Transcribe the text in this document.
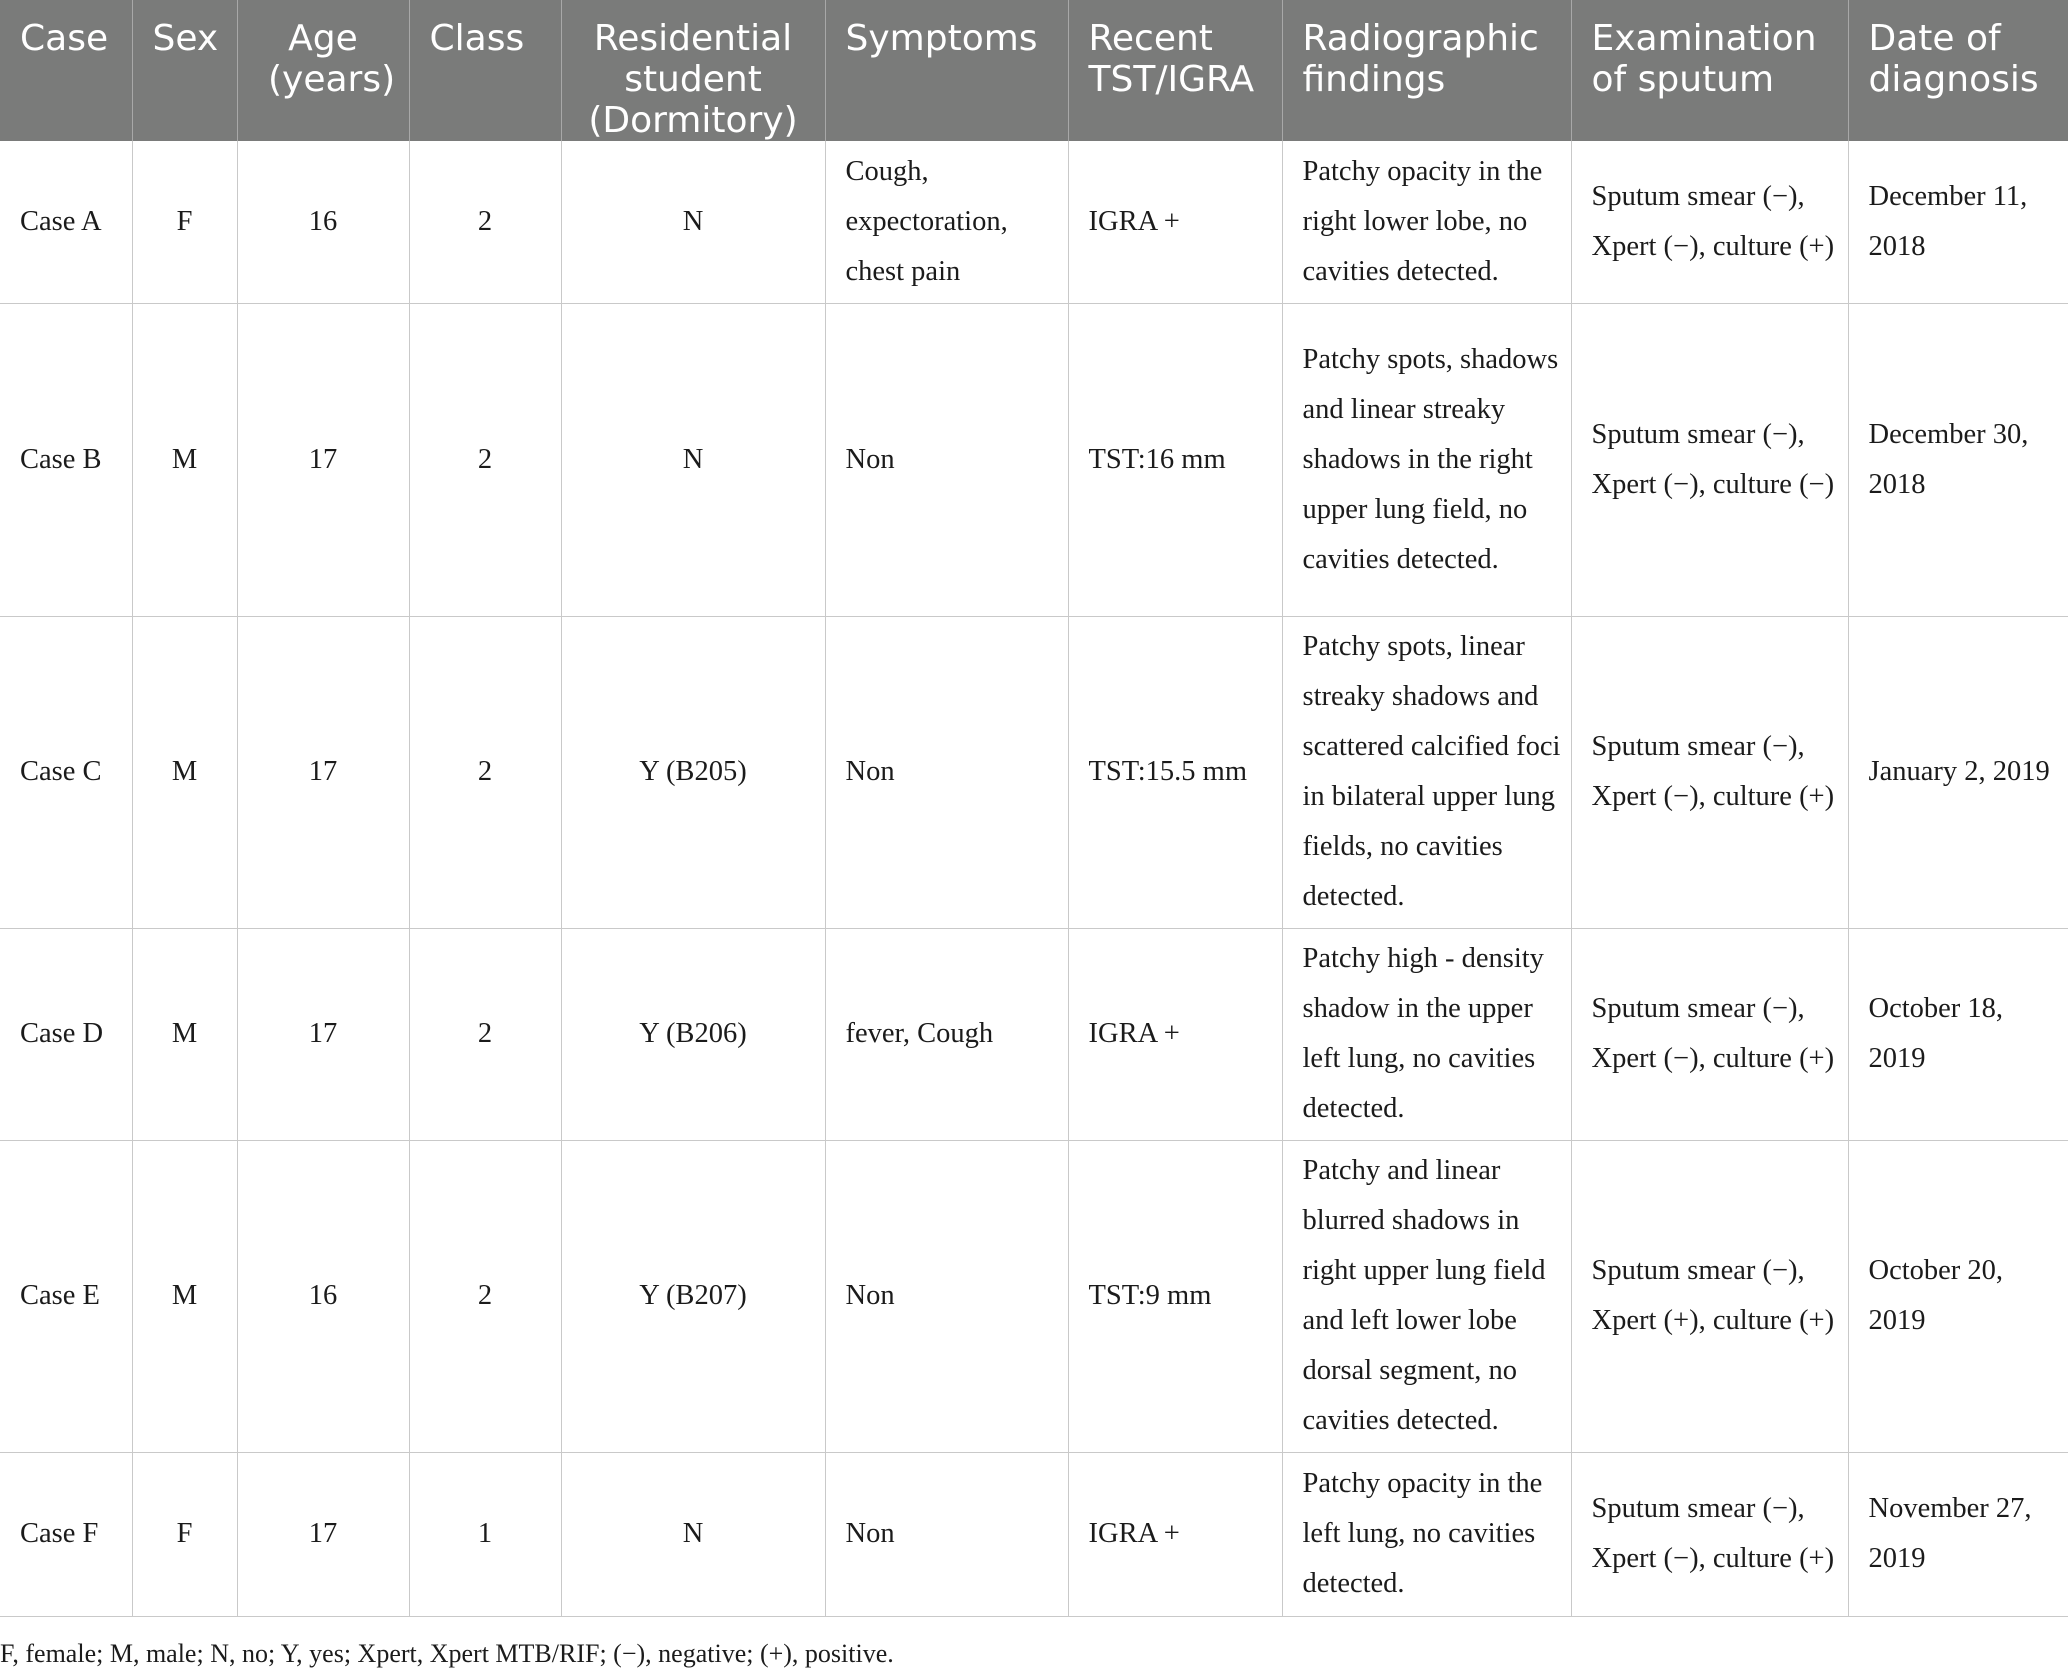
Case	Sex	Age (years)	Class	Residential student (Dormitory)	Symptoms	Recent TST/IGRA	Radiographic findings	Examination of sputum	Date of diagnosis

Case A	F	16	2	N	Cough, expectoration, chest pain	IGRA +	Patchy opacity in the right lower lobe, no cavities detected.	Sputum smear (−), Xpert (−), culture (+)	December 11, 2018
Case B	M	17	2	N	Non	TST:16 mm	Patchy spots, shadows and linear streaky shadows in the right upper lung field, no cavities detected.	Sputum smear (−), Xpert (−), culture (−)	December 30, 2018
Case C	M	17	2	Y (B205)	Non	TST:15.5 mm	Patchy spots, linear streaky shadows and scattered calcified foci in bilateral upper lung fields, no cavities detected.	Sputum smear (−), Xpert (−), culture (+)	January 2, 2019
Case D	M	17	2	Y (B206)	fever, Cough	IGRA +	Patchy high - density shadow in the upper left lung, no cavities detected.	Sputum smear (−), Xpert (−), culture (+)	October 18, 2019
Case E	M	16	2	Y (B207)	Non	TST:9 mm	Patchy and linear blurred shadows in right upper lung field and left lower lobe dorsal segment, no cavities detected.	Sputum smear (−), Xpert (+), culture (+)	October 20, 2019
Case F	F	17	1	N	Non	IGRA +	Patchy opacity in the left lung, no cavities detected.	Sputum smear (−), Xpert (−), culture (+)	November 27, 2019
F, female; M, male; N, no; Y, yes; Xpert, Xpert MTB/RIF; (−), negative; (+), positive.
